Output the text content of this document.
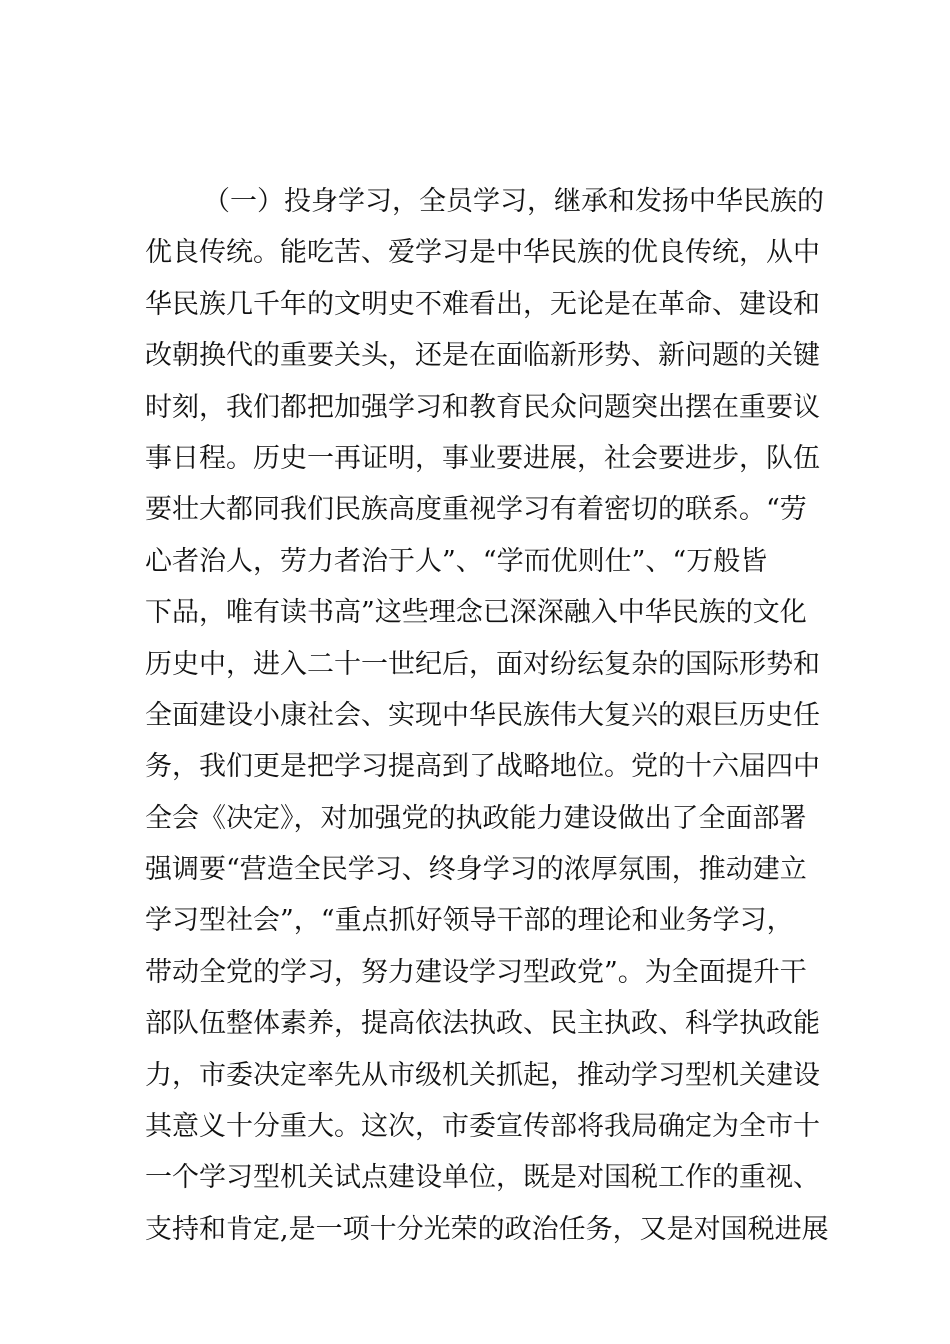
（一）投身学习，全员学习，继承和发扬中华民族的
优良传统。能吃苦、爱学习是中华民族的优良传统，从中
华民族几千年的文明史不难看出，无论是在革命、建设和
改朝换代的重要关头，还是在面临新形势、新问题的关键
时刻，我们都把加强学习和教育民众问题突出摆在重要议
事日程。历史一再证明，事业要进展，社会要进步，队伍
要壮大都同我们民族高度重视学习有着密切的联系。“劳
心者治人，劳力者治于人”、“学而优则仕”、“万般皆
下品，唯有读书高”这些理念已深深融入中华民族的文化
历史中，进入二十一世纪后，面对纷纭复杂的国际形势和
全面建设小康社会、实现中华民族伟大复兴的艰巨历史任
务，我们更是把学习提高到了战略地位。党的十六届四中
全会《决定》，对加强党的执政能力建设做出了全面部署
强调要“营造全民学习、终身学习的浓厚氛围，推动建立
学习型社会”，“重点抓好领导干部的理论和业务学习，
带动全党的学习，努力建设学习型政党”。为全面提升干
部队伍整体素养，提高依法执政、民主执政、科学执政能
力，市委决定率先从市级机关抓起，推动学习型机关建设
其意义十分重大。这次，市委宣传部将我局确定为全市十
一个学习型机关试点建设单位，既是对国税工作的重视、
支持和肯定,是一项十分光荣的政治任务，又是对国税进展
